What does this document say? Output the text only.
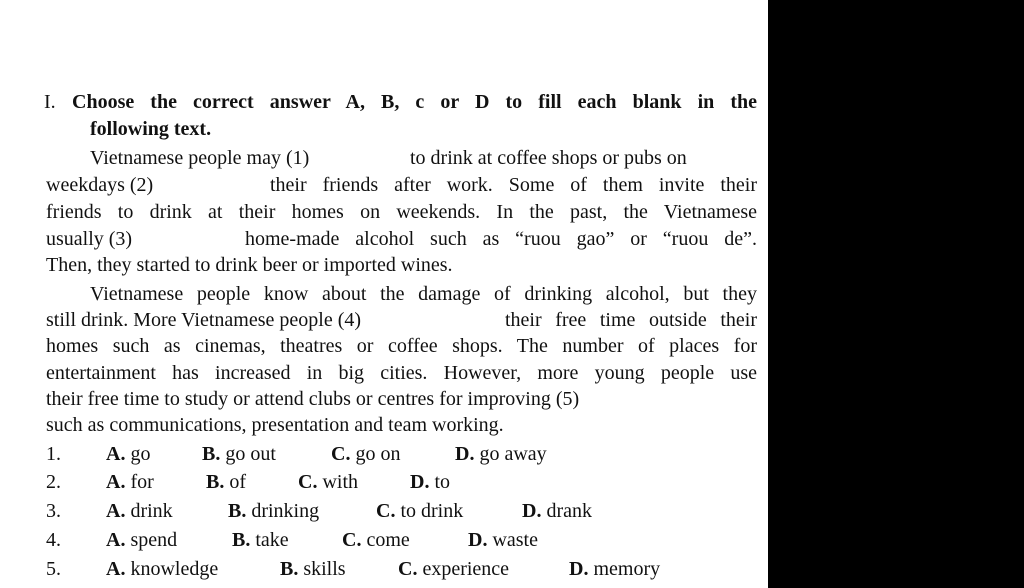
I. Choose the correct answer A, B, c or D to fill each blank in the
following text.
Vietnamese people may (1)	to drink at coffee shops or pubs on
weekdays (2)	their friends after work. Some of them invite their
friends to drink at their homes on weekends. In the past, the Vietnamese
usually (3)	home-made alcohol such as “ruou gao” or “ruou de”.
Then, they started to drink beer or imported wines.
Vietnamese people know about the damage of drinking alcohol, but they
still drink. More Vietnamese people (4)	their free time outside their
homes such as cinemas, theatres or coffee shops. The number of places for
entertainment has increased in big cities. However, more young people use
their free time to study or attend clubs or centres for improving (5)
such as communications, presentation and team working.
1. A. go	B. go out	C. go on	D. go away
2. A. for	B. of	C. with	D. to
3. A. drink	B. drinking	C. to drink	D. drank
4. A. spend	B. take	C. come	D. waste
5. A. knowledge	B. skills	C. experience	D. memory
